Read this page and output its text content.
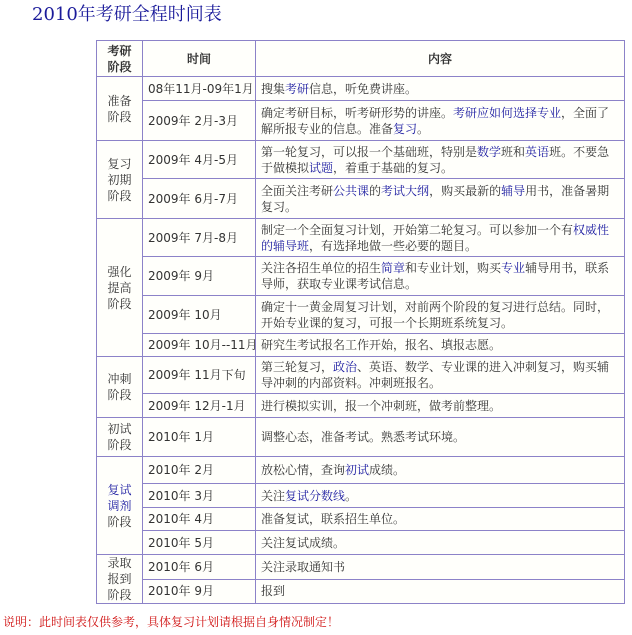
2010年考研全程时间表
考研
阶段	时间	内容

准备
阶段	08年11月-09年1月	搜集考研信息，听免费讲座。
	2009年 2月-3月	确定考研目标，听考研形势的讲座。考研应如何选择专业，全面了解所报专业的信息。准备复习。

复习
初期
阶段	2009年 4月-5月	第一轮复习，可以报一个基础班，特别是数学班和英语班。不要急于做模拟试题，着重于基础的复习。
	2009年 6月-7月	全面关注考研公共课的考试大纲，购买最新的辅导用书，准备暑期复习。

强化
提高
阶段	2009年 7月-8月	制定一个全面复习计划，开始第二轮复习。可以参加一个有权威性的辅导班，有选择地做一些必要的题目。
	2009年 9月	关注各招生单位的招生简章和专业计划，购买专业辅导用书，联系导师，获取专业课考试信息。
	2009年 10月	确定十一黄金周复习计划，对前两个阶段的复习进行总结。同时，开始专业课的复习，可报一个长期班系统复习。
	2009年 10月--11月	研究生考试报名工作开始，报名、填报志愿。

冲刺
阶段	2009年 11月下旬	第三轮复习，政治、英语、数学、专业课的进入冲刺复习，购买辅导冲刺的内部资料。冲刺班报名。
	2009年 12月-1月	进行模拟实训，报一个冲刺班，做考前整理。

初试
阶段	2010年 1月	调整心态，准备考试。熟悉考试环境。

复试
调剂
阶段	2010年 2月	放松心情，查询初试成绩。
	2010年 3月	关注复试分数线。
	2010年 4月	准备复试，联系招生单位。
	2010年 5月	关注复试成绩。

录取
报到
阶段	2010年 6月	关注录取通知书
	2010年 9月	报到
说明：此时间表仅供参考，具体复习计划请根据自身情况制定！
